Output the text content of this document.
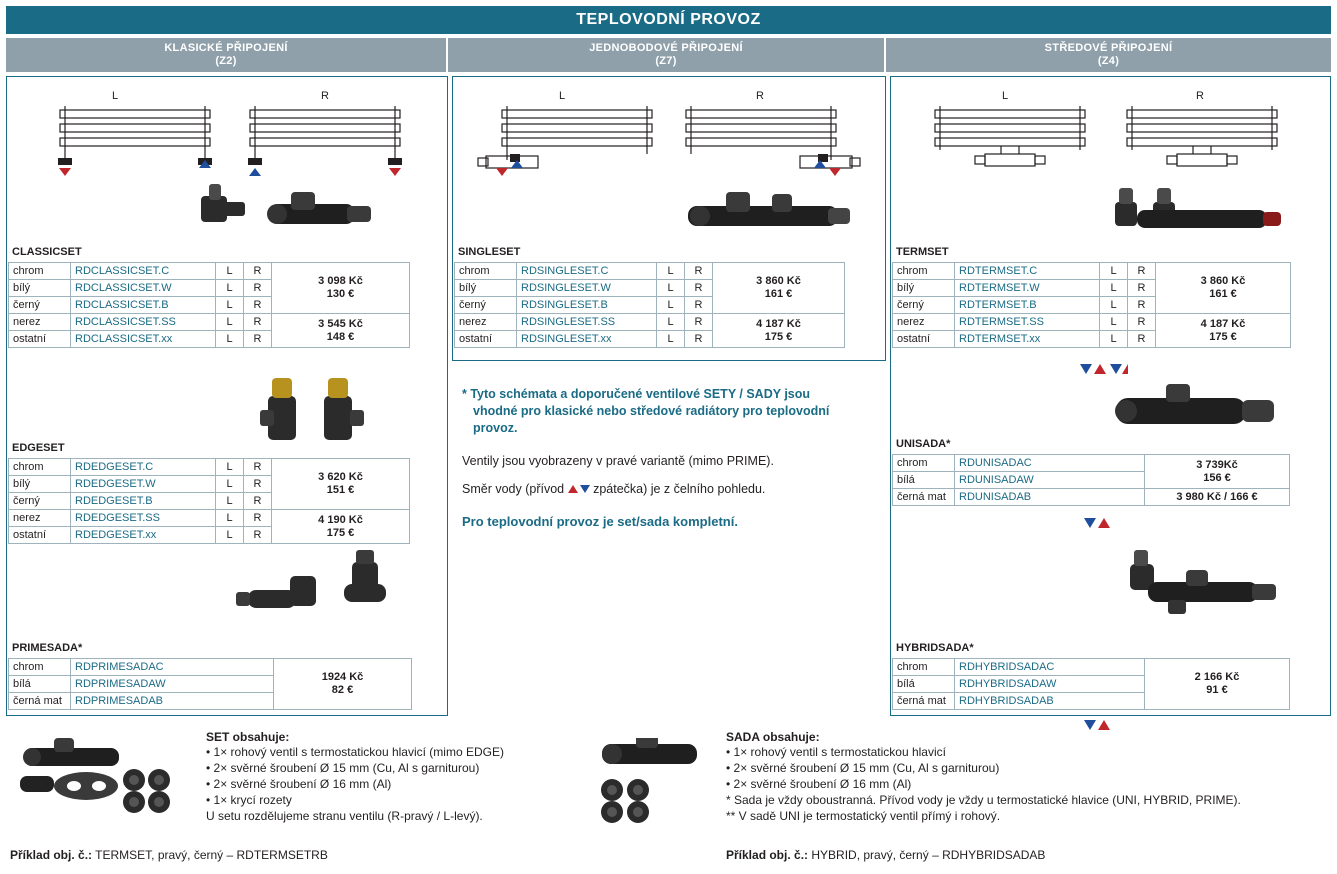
TEPLOVODNÍ PROVOZ
KLASICKÉ PŘIPOJENÍ
(Z2)
JEDNOBODOVÉ PŘIPOJENÍ
(Z7)
STŘEDOVÉ PŘIPOJENÍ
(Z4)
L	R	L	R	L	R
CLASSICSET
chrom	RDCLASSICSET.C	L	R	3 098 Kč
130 €

bílý	RDCLASSICSET.W	L	R	
černý	RDCLASSICSET.B	L	R	
nerez	RDCLASSICSET.SS	L	R	3 545 Kč
148 €

ostatní	RDCLASSICSET.xx	L	R	
SINGLESET
chrom	RDSINGLESET.C	L	R	3 860 Kč
161 €

bílý	RDSINGLESET.W	L	R	
černý	RDSINGLESET.B	L	R	
nerez	RDSINGLESET.SS	L	R	4 187 Kč
175 €

ostatní	RDSINGLESET.xx	L	R	
TERMSET
chrom	RDTERMSET.C	L	R	3 860 Kč
161 €

bílý	RDTERMSET.W	L	R	
černý	RDTERMSET.B	L	R	
nerez	RDTERMSET.SS	L	R	4 187 Kč
175 €

ostatní	RDTERMSET.xx	L	R	
EDGESET
chrom	RDEDGESET.C	L	R	3 620 Kč
151 €

bílý	RDEDGESET.W	L	R	
černý	RDEDGESET.B	L	R	
nerez	RDEDGESET.SS	L	R	4 190 Kč
175 €

ostatní	RDEDGESET.xx	L	R	
PRIMESADA*
chrom	RDPRIMESADAC	1924 Kč
82 €

bílá	RDPRIMESADAW	
černá mat	RDPRIMESADAB	
UNISADA*
chrom	RDUNISADAC	3 739Kč
156 €

bílá	RDUNISADAW	
černá mat	RDUNISADAB	3 980 Kč / 166 €
HYBRIDSADA*
chrom	RDHYBRIDSADAC	2 166 Kč
91 €

bílá	RDHYBRIDSADAW	
černá mat	RDHYBRIDSADAB	
* Tyto schémata a doporučené ventilové SETY / SADY jsou
vhodné pro klasické nebo středové radiátory pro teplovodní
provoz.
Ventily jsou vyobrazeny v pravé variantě (mimo PRIME).
Směr vody (přívod  zpátečka) je z čelního pohledu.
Pro teplovodní provoz je set/sada kompletní.
SET obsahuje:
• 1× rohový ventil s termostatickou hlavicí (mimo EDGE)
• 2× svěrné šroubení Ø 15 mm (Cu, Al s garniturou)
• 2× svěrné šroubení Ø 16 mm (Al)
• 1× krycí rozety
U setu rozdělujeme stranu ventilu (R-pravý / L-levý).
Příklad obj. č.: TERMSET, pravý, černý – RDTERMSETRB
SADA obsahuje:
• 1× rohový ventil s termostatickou hlavicí
• 2× svěrné šroubení Ø 15 mm (Cu, Al s garniturou)
• 2× svěrné šroubení Ø 16 mm (Al)
* Sada je vždy oboustranná. Přívod vody je vždy u termostatické hlavice (UNI, HYBRID, PRIME).
** V sadě UNI je termostatický ventil přímý i rohový.
Příklad obj. č.: HYBRID, pravý, černý – RDHYBRIDSADAB
